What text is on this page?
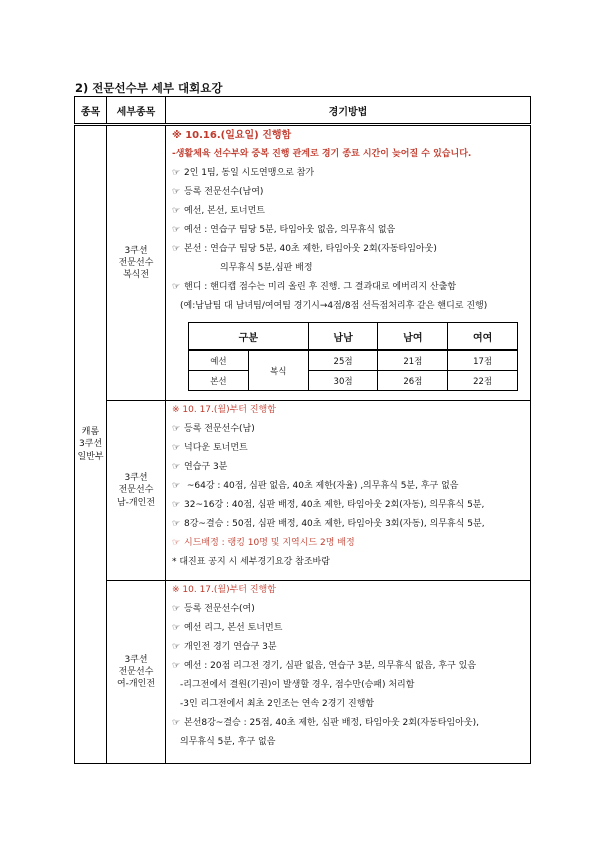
2) 전문선수부 세부 대회요강
종목	세부종목	경기방법

캐롬
3쿠션
일반부

3쿠션
전문선수
복식전

※ 10.16.(일요일) 진행함
-생활체육 선수부와 중복 진행 관계로 경기 종료 시간이 늦어질 수 있습니다.
☞ 2인 1팀, 동일 시도연맹으로 참가
☞ 등록 전문선수(남여)
☞ 예선, 본선, 토너먼트
☞ 예선 : 연습구 팀당 5분, 타임아웃 없음, 의무휴식 없음
☞ 본선 : 연습구 팀당 5분, 40초 제한, 타임아웃 2회(자동타임아웃)
의무휴식 5분,심판 배정
☞ 핸디 : 핸디캡 점수는 미리 올린 후 진행. 그 결과대로 에버리지 산출함
(예:남남팀 대 남녀팀/여여팀 경기시→4점/8점 선득점처리후 같은 핸디로 진행)
구분	남남	남여	여여
예선	복식	25점	21점	17점
본선	30점	26점	22점

3쿠션
전문선수
남-개인전

※ 10. 17.(월)부터 진행함
☞ 등록 전문선수(남)
☞ 넉다운 토너먼트
☞ 연습구 3분
☞ ~64강 : 40점, 심판 없음, 40초 제한(자율) ,의무휴식 5분, 후구 없음
☞ 32~16강 : 40점, 심판 배정, 40초 제한, 타임아웃 2회(자동), 의무휴식 5분,
☞ 8강~결승 : 50점, 심판 배정, 40초 제한, 타임아웃 3회(자동), 의무휴식 5분,
☞ 시드배정 : 랭킹 10명 및 지역시드 2명 배정
* 대진표 공지 시 세부경기요강 참조바람

3쿠션
전문선수
여-개인전

※ 10. 17.(월)부터 진행함
☞ 등록 전문선수(여)
☞ 예선 리그, 본선 토너먼트
☞ 개인전 경기 연습구 3분
☞ 예선 : 20점 리그전 경기, 심판 없음, 연습구 3분, 의무휴식 없음, 후구 있음
-리그전에서 결원(기권)이 발생할 경우, 점수만(승패) 처리함
-3인 리그전에서 최초 2인조는 연속 2경기 진행함
☞ 본선8강~결승 : 25점, 40초 제한, 심판 배정, 타임아웃 2회(자동타임아웃),
의무휴식 5분, 후구 없음
